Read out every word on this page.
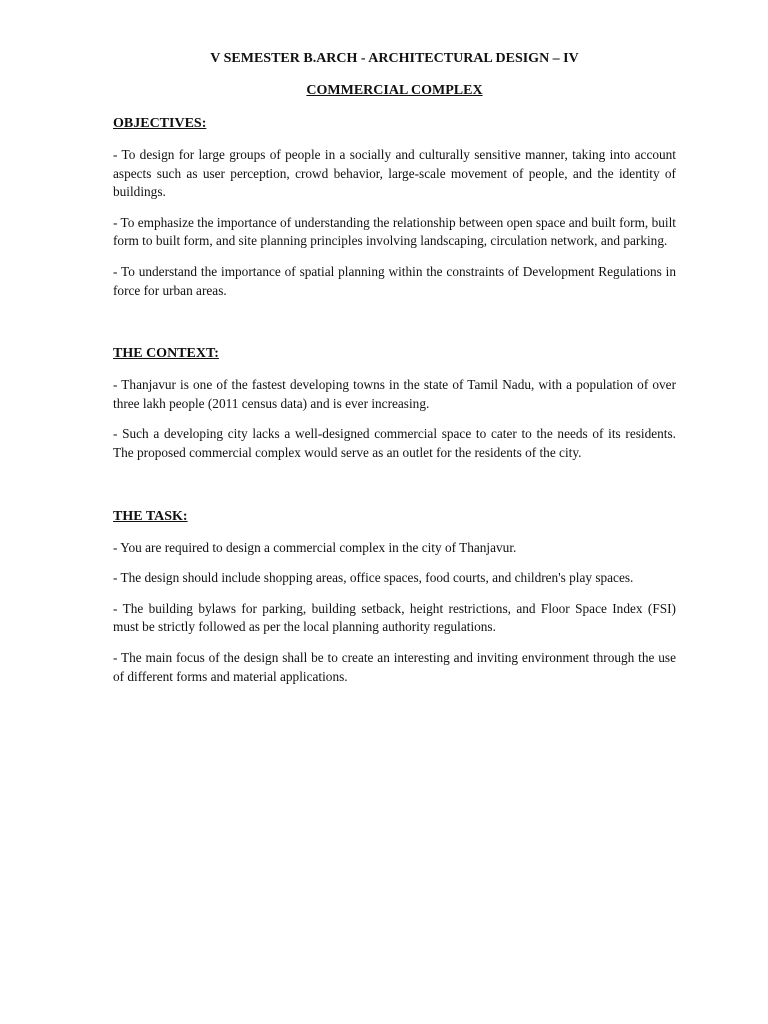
V SEMESTER B.ARCH - ARCHITECTURAL DESIGN – IV

COMMERCIAL COMPLEX

OBJECTIVES:

- To design for large groups of people in a socially and culturally sensitive manner, taking into account aspects such as user perception, crowd behavior, large-scale movement of people, and the identity of buildings.

- To emphasize the importance of understanding the relationship between open space and built form, built form to built form, and site planning principles involving landscaping, circulation network, and parking.

- To understand the importance of spatial planning within the constraints of Development Regulations in force for urban areas.

THE CONTEXT:

- Thanjavur is one of the fastest developing towns in the state of Tamil Nadu, with a population of over three lakh people (2011 census data) and is ever increasing.

- Such a developing city lacks a well-designed commercial space to cater to the needs of its residents. The proposed commercial complex would serve as an outlet for the residents of the city.

THE TASK:

- You are required to design a commercial complex in the city of Thanjavur.

- The design should include shopping areas, office spaces, food courts, and children's play spaces.

- The building bylaws for parking, building setback, height restrictions, and Floor Space Index (FSI) must be strictly followed as per the local planning authority regulations.

- The main focus of the design shall be to create an interesting and inviting environment through the use of different forms and material applications.
